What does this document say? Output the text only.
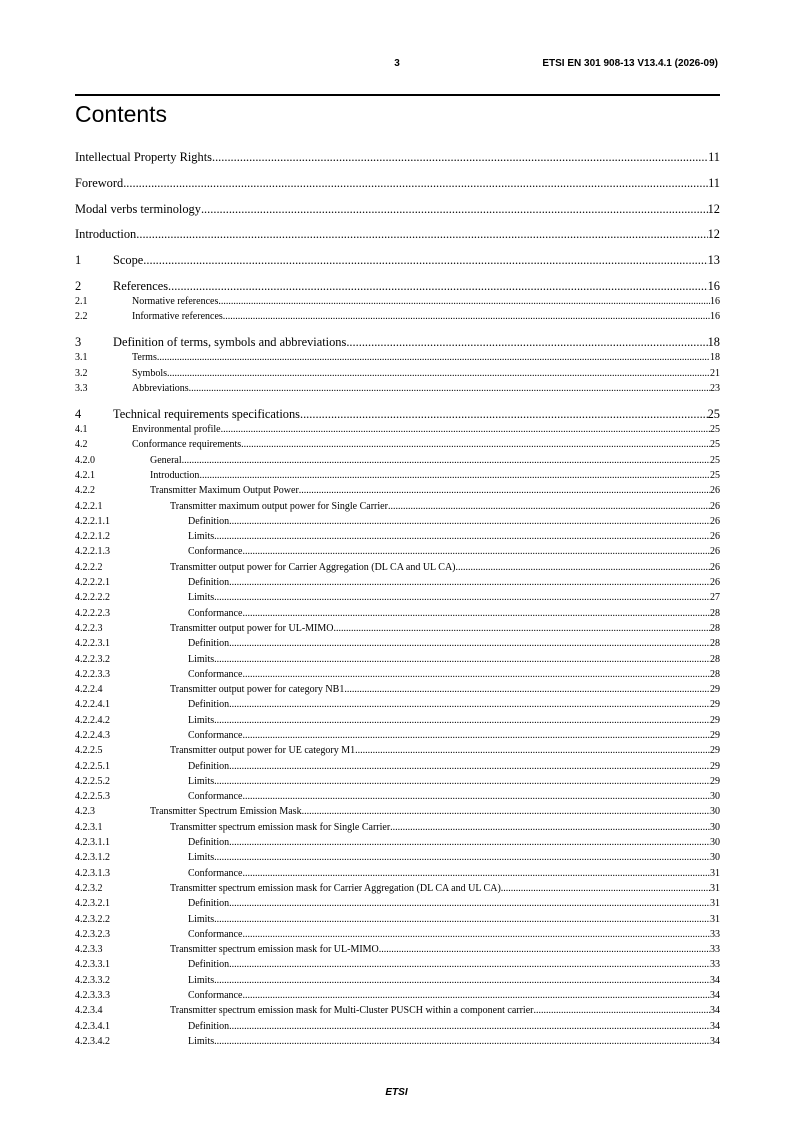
3	ETSI EN 301 908-13 V13.4.1 (2026-09)
Contents
Intellectual Property Rights .....	11
Foreword .....	11
Modal verbs terminology .....	12
Introduction .....	12
1	Scope .....	13
2	References .....	16
2.1	Normative references .....	16
2.2	Informative references .....	16
3	Definition of terms, symbols and abbreviations .....	18
3.1	Terms .....	18
3.2	Symbols .....	21
3.3	Abbreviations .....	23
4	Technical requirements specifications .....	25
4.1	Environmental profile .....	25
4.2	Conformance requirements .....	25
4.2.0	General .....	25
4.2.1	Introduction .....	25
4.2.2	Transmitter Maximum Output Power .....	26
4.2.2.1	Transmitter maximum output power for Single Carrier .....	26
4.2.2.1.1	Definition .....	26
4.2.2.1.2	Limits .....	26
4.2.2.1.3	Conformance .....	26
4.2.2.2	Transmitter output power for Carrier Aggregation (DL CA and UL CA) .....	26
4.2.2.2.1	Definition .....	26
4.2.2.2.2	Limits .....	27
4.2.2.2.3	Conformance .....	28
4.2.2.3	Transmitter output power for UL-MIMO .....	28
4.2.2.3.1	Definition .....	28
4.2.2.3.2	Limits .....	28
4.2.2.3.3	Conformance .....	28
4.2.2.4	Transmitter output power for category NB1 .....	29
4.2.2.4.1	Definition .....	29
4.2.2.4.2	Limits .....	29
4.2.2.4.3	Conformance .....	29
4.2.2.5	Transmitter output power for UE category M1 .....	29
4.2.2.5.1	Definition .....	29
4.2.2.5.2	Limits .....	29
4.2.2.5.3	Conformance .....	30
4.2.3	Transmitter Spectrum Emission Mask .....	30
4.2.3.1	Transmitter spectrum emission mask for Single Carrier .....	30
4.2.3.1.1	Definition .....	30
4.2.3.1.2	Limits .....	30
4.2.3.1.3	Conformance .....	31
4.2.3.2	Transmitter spectrum emission mask for Carrier Aggregation (DL CA and UL CA) .....	31
4.2.3.2.1	Definition .....	31
4.2.3.2.2	Limits .....	31
4.2.3.2.3	Conformance .....	33
4.2.3.3	Transmitter spectrum emission mask for UL-MIMO .....	33
4.2.3.3.1	Definition .....	33
4.2.3.3.2	Limits .....	34
4.2.3.3.3	Conformance .....	34
4.2.3.4	Transmitter spectrum emission mask for Multi-Cluster PUSCH within a component carrier .....	34
4.2.3.4.1	Definition .....	34
4.2.3.4.2	Limits .....	34
ETSI
